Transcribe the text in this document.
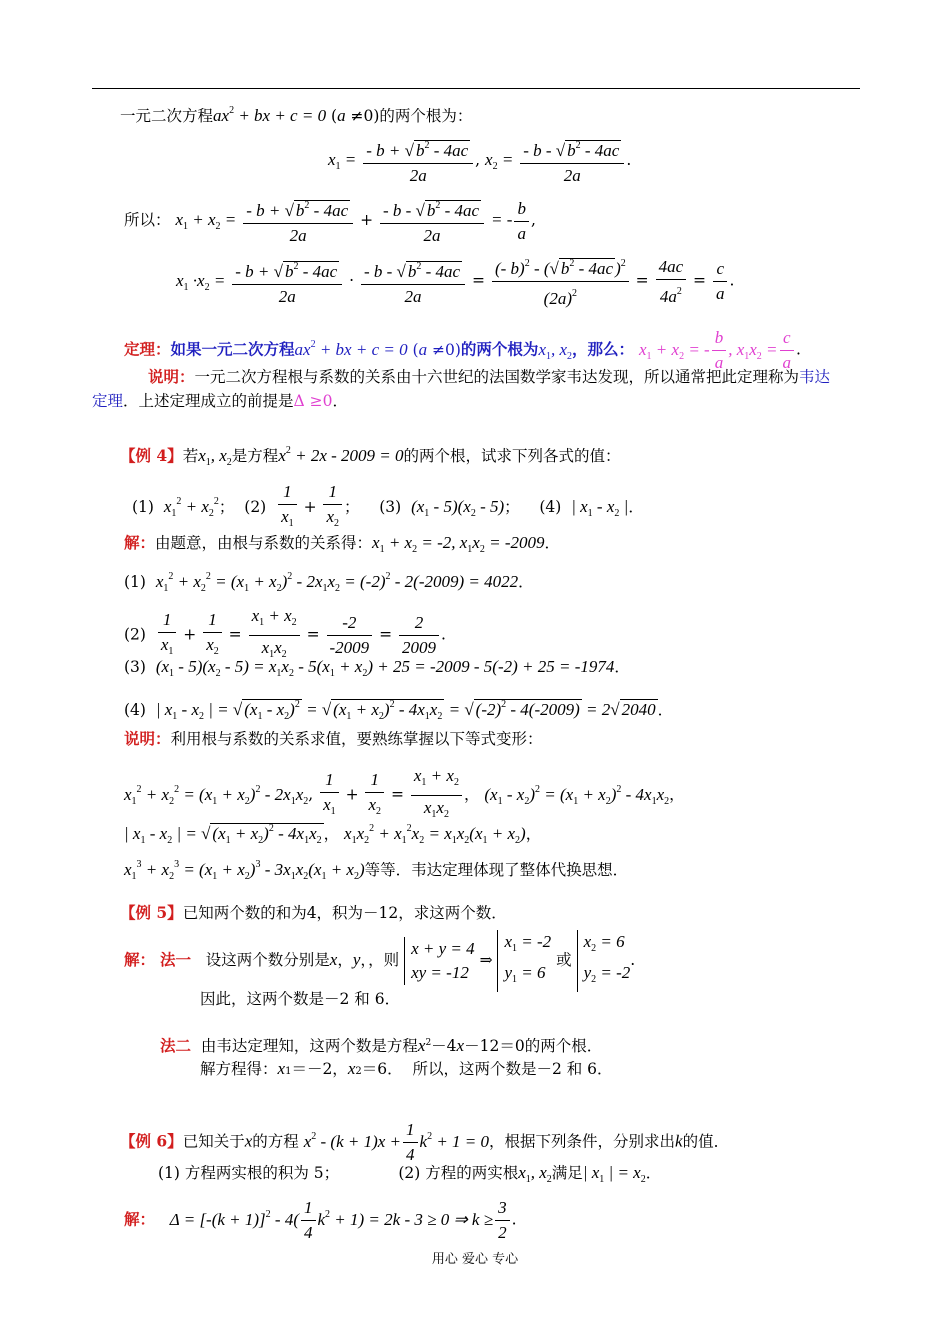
一元二次方程$ax^2$ + bx + c = 0 (a ≠0)的两个根为：
$x_1 = \frac{- b + √ b^2 - 4ac}{2a}$ , $x_2 = \frac{- b - √ b^2 - 4ac}{2a}$ .
所以： $x_1 + x_2 = \frac{- b + √ b^2 - 4ac}{2a} + \frac{- b - √ b^2 - 4ac}{2a}$ = - $\frac{b}{a}$ ,
$x_1 \cdot x_2 = \frac{- b + √ b^2 - 4ac}{2a} \cdot \frac{- b - √ b^2 - 4ac}{2a} = \frac{(- b)^2 - (√ b^2 - 4ac )^2}{(2a)^2} = \frac{4ac}{4a^2} = \frac{c}{a}$ .
定理：如果一元二次方程$ax^2$ + bx + c = 0 (a ≠0)的两个根为$x_1$, $x_2$，那么： $x_1 + x_2$ = - $\frac{b}{a}$ , $x_1x_2 = \frac{c}{a}$ .
说明：一元二次方程根与系数的关系由十六世纪的法国数学家韦达发现，所以通常把此定理称为韦达
定理．上述定理成立的前提是Δ ≥0．
【例 4】若$x_1$, $x_2$是方程$x^2 + 2x - 2009 = 0$的两个根，试求下列各式的值：
(1) $x_1^2 + x_2^2$；  $(2) \frac{1}{x_1} + \frac{1}{x_2}$ ；    (3) $(x_1 - 5)(x_2 - 5)$；    (4) | $x_1 - x_2$ |．
解：由题意，由根与系数的关系得：$x_1 + x_2 = -2$, $x_1x_2 = -2009$．
(1)  $x_1^2 + x_2^2 = (x_1 + x_2)^2 - 2x_1x_2 = (-2)^2 - 2(-2009) = 4022$．
$(2) \frac{1}{x_1} + \frac{1}{x_2} = \frac{x_1 + x_2}{x_1x_2} = \frac{-2}{-2009} = \frac{2}{2009}$ .
(3)  $(x_1 - 5)(x_2 - 5) = x_1x_2 - 5(x_1 + x_2) + 25 = -2009 - 5(-2) + 25 = -1974$．
(4)  | $x_1 - x_2$ | = √ $(x_1 - x_2)^2$ = √ $(x_1 + x_2)^2 - 4x_1x_2$ = √ $(-2)^2 - 4(-2009) = 2√$ 2040 ．
说明：利用根与系数的关系求值，要熟练掌握以下等式变形：
$x_1^2 + x_2^2 = (x_1 + x_2)^2 - 2x_1x_2$, $\frac{1}{x_1} + \frac{1}{x_2} = \frac{x_1 + x_2}{x_1x_2}$ ， $(x_1 - x_2)^2 = (x_1 + x_2)^2 - 4x_1x_2$，
| $x_1 - x_2$ | = √ $(x_1 + x_2)^2 - 4x_1x_2$ ， $x_1x_2^2 + x_1^2x_2 = x_1x_2(x_1 + x_2)$，
$x_1^3 + x_2^3 = (x_1 + x_2)^3 - 3x_1x_2(x_1 + x_2)$等等．韦达定理体现了整体代换思想．
【例 5】已知两个数的和为4，积为－12，求这两个数．
解： 法一 设这两个数分别是x，y，，则 x + y = 4
xy = -12 ⇒ $x_1 = -2$
$y_1 = 6$ 或 $x_2 = 6$
$y_2 = -2$.
因此，这两个数是－2 和 6．
法二 由韦达定理知，这两个数是方程$x^2-4x-12=0$的两个根．
解方程得：x1＝－2，x2＝6．  所以，这两个数是－2 和 6．
【例 6】已知关于x的方程 $x^2 - (k + 1)x + \frac{1}{4} k^2 + 1 = 0$，根据下列条件，分别求出k的值．
(1) 方程两实根的积为 5；	(2) 方程的两实根$x_1$, $x_2$满足| $x_1$ | = $x_2$．
解： $\Delta = [-(k + 1)]^2 - 4( \frac{1}{4} k^2 + 1) = 2k - 3 \ge 0$ ⇒ $k \ge \frac{3}{2}$ .
用心 爱心 专心
